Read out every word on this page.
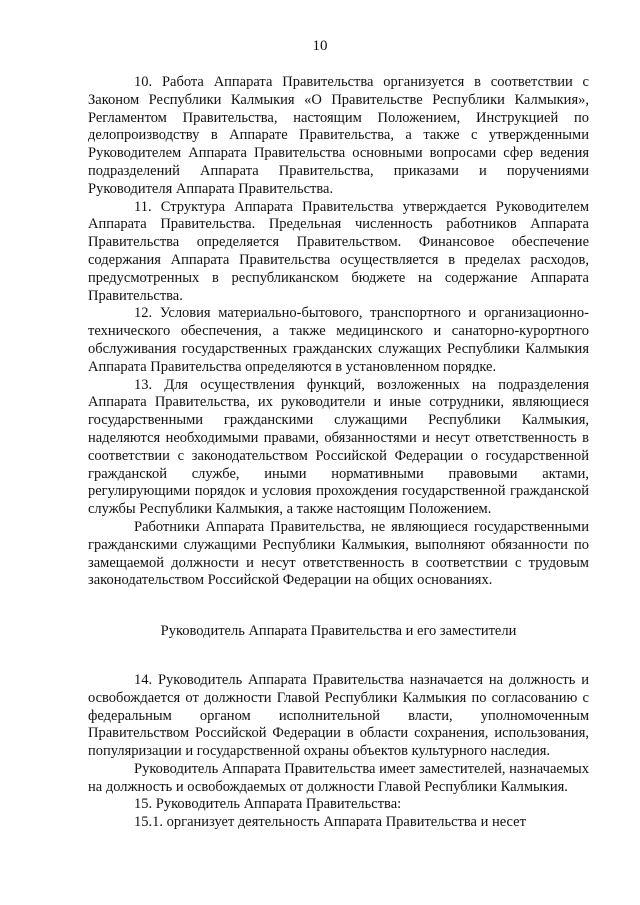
10

10. Работа Аппарата Правительства организуется в соответствии с Законом Республики Калмыкия «О Правительстве Республики Калмыкия», Регламентом Правительства, настоящим Положением, Инструкцией по делопроизводству в Аппарате Правительства, а также с утвержденными Руководителем Аппарата Правительства основными вопросами сфер ведения подразделений Аппарата Правительства, приказами и поручениями Руководителя Аппарата Правительства.

11. Структура Аппарата Правительства утверждается Руководителем Аппарата Правительства. Предельная численность работников Аппарата Правительства определяется Правительством. Финансовое обеспечение содержания Аппарата Правительства осуществляется в пределах расходов, предусмотренных в республиканском бюджете на содержание Аппарата Правительства.

12. Условия материально-бытового, транспортного и организационно-технического обеспечения, а также медицинского и санаторно-курортного обслуживания государственных гражданских служащих Республики Калмыкия Аппарата Правительства определяются в установленном порядке.

13. Для осуществления функций, возложенных на подразделения Аппарата Правительства, их руководители и иные сотрудники, являющиеся государственными гражданскими служащими Республики Калмыкия, наделяются необходимыми правами, обязанностями и несут ответственность в соответствии с законодательством Российской Федерации о государственной гражданской службе, иными нормативными правовыми актами, регулирующими порядок и условия прохождения государственной гражданской службы Республики Калмыкия, а также настоящим Положением.

Работники Аппарата Правительства, не являющиеся государственными гражданскими служащими Республики Калмыкия, выполняют обязанности по замещаемой должности и несут ответственность в соответствии с трудовым законодательством Российской Федерации на общих основаниях.

Руководитель Аппарата Правительства и его заместители

14. Руководитель Аппарата Правительства назначается на должность и освобождается от должности Главой Республики Калмыкия по согласованию с федеральным органом исполнительной власти, уполномоченным Правительством Российской Федерации в области сохранения, использования, популяризации и государственной охраны объектов культурного наследия.

Руководитель Аппарата Правительства имеет заместителей, назначаемых на должность и освобождаемых от должности Главой Республики Калмыкия.

15. Руководитель Аппарата Правительства:

15.1. организует деятельность Аппарата Правительства и несет
